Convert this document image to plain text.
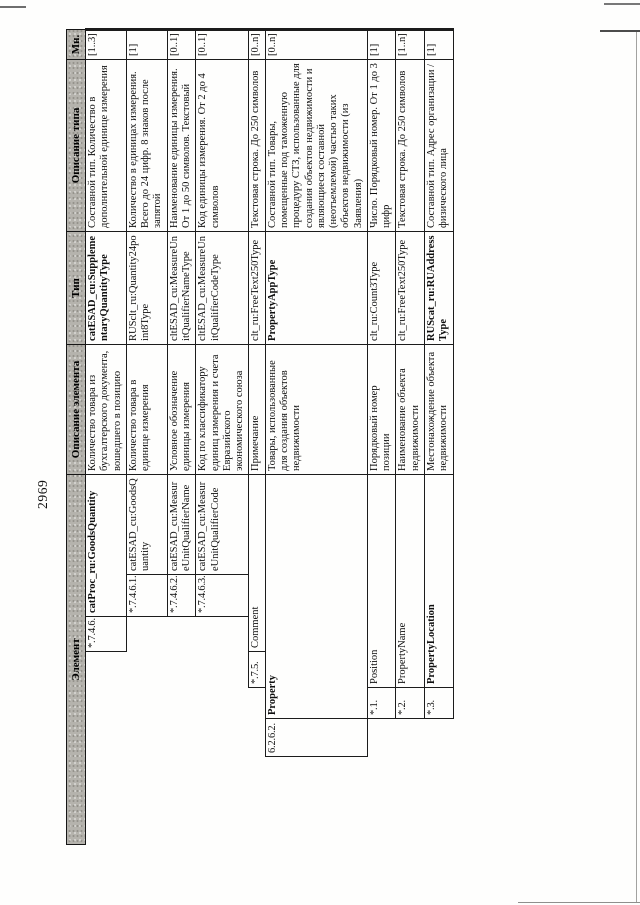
2969
Элемент							Описание элемента	Тип	Описание типа	Мн.
				*.7.4.6.	catProc_ru:GoodsQuantity		Количество товара из бухгалтерского документа, вошедшего в позицию	catESAD_cu:SupplementaryQuantityType	Составной тип. Количество в дополнительной единице измерения	[1..3]
					*.7.4.6.1.	catESAD_cu:GoodsQuantity	Количество товара в единице измерения	RUSclt_ru:Quantity24point8Type	Количество в единицах измерения. Всего до 24 цифр. 8 знаков после запятой	[1]
					*.7.4.6.2.	catESAD_cu:MeasureUnitQualifierName	Условное обозначение единицы измерения	cltESAD_cu:MeasureUnitQualifierNameType	Наименование единицы измерения. От 1 до 50 символов. Текстовый	[0..1]
					*.7.4.6.3.	catESAD_cu:MeasureUnitQualifierCode	Код по классификатору единиц измерения и счета Евразийского экономического союза	cltESAD_cu:MeasureUnitQualifierCodeType	Код единицы измерения. От 2 до 4 символов	[0..1]
			*.7.5.	Comment			Примечание	clt_ru:FreeText250Type	Текстовая строка. До 250 символов	[0..n]
	6.2.6.2.	Property					Товары, использованные для создания объектов недвижимости	PropertyAppType	Составной тип. Товары, помещенные под таможенную процедуру СТЗ, использованные для создания объектов недвижимости и являющиеся составной (неотъемлемой) частью таких объектов недвижимости (из Заявления)	[0..n]
		*.1.	Position				Порядковый номер позиции	clt_ru:Count3Type	Число. Порядковый номер. От 1 до 3 цифр	[1]
		*.2.	PropertyName				Наименование объекта недвижимости	clt_ru:FreeText250Type	Текстовая строка. До 250 символов	[1..n]
		*.3.	PropertyLocation				Местонахождение объекта недвижимости	RUScat_ru:RUAddressType	Составной тип. Адрес организации / физического лица	[1]
